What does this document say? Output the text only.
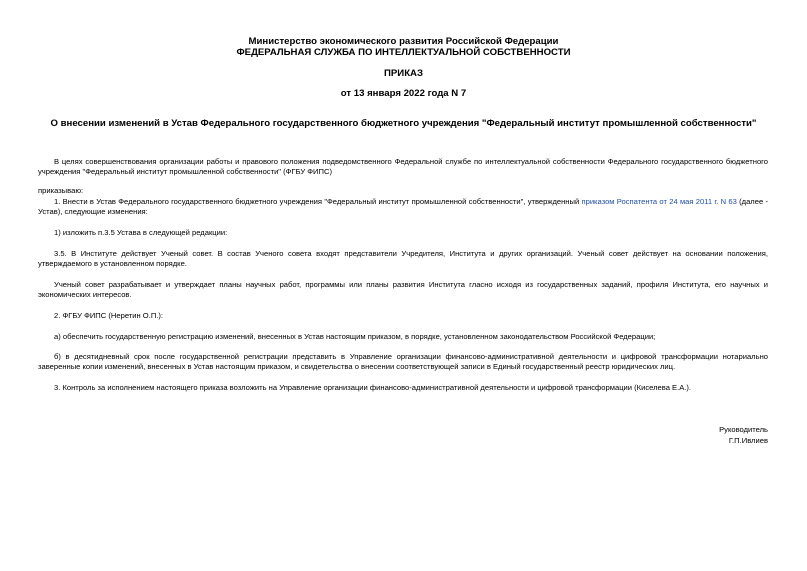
Министерство экономического развития Российской Федерации
ФЕДЕРАЛЬНАЯ СЛУЖБА ПО ИНТЕЛЛЕКТУАЛЬНОЙ СОБСТВЕННОСТИ
ПРИКАЗ
от 13 января 2022 года N 7
О внесении изменений в Устав Федерального государственного бюджетного учреждения "Федеральный институт промышленной собственности"
В целях совершенствования организации работы и правового положения подведомственного Федеральной службе по интеллектуальной собственности Федерального государственного бюджетного учреждения "Федеральный институт промышленной собственности" (ФГБУ ФИПС)
приказываю:
1. Внести в Устав Федерального государственного бюджетного учреждения "Федеральный институт промышленной собственности", утвержденный приказом Роспатента от 24 мая 2011 г. N 63 (далее - Устав), следующие изменения:
1) изложить п.3.5 Устава в следующей редакции:
3.5. В Институте действует Ученый совет. В состав Ученого совета входят представители Учредителя, Института и других организаций. Ученый совет действует на основании положения, утверждаемого в установленном порядке.
Ученый совет разрабатывает и утверждает планы научных работ, программы или планы развития Института гласно исходя из государственных заданий, профиля Института, его научных и экономических интересов.
2. ФГБУ ФИПС (Неретин О.П.):
а) обеспечить государственную регистрацию изменений, внесенных в Устав настоящим приказом, в порядке, установленном законодательством Российской Федерации;
б) в десятидневный срок после государственной регистрации представить в Управление организации финансово-административной деятельности и цифровой трансформации нотариально заверенные копии изменений, внесенных в Устав настоящим приказом, и свидетельства о внесении соответствующей записи в Единый государственный реестр юридических лиц.
3. Контроль за исполнением настоящего приказа возложить на Управление организации финансово-административной деятельности и цифровой трансформации (Киселева Е.А.).
Руководитель
Г.П.Ивлиев
